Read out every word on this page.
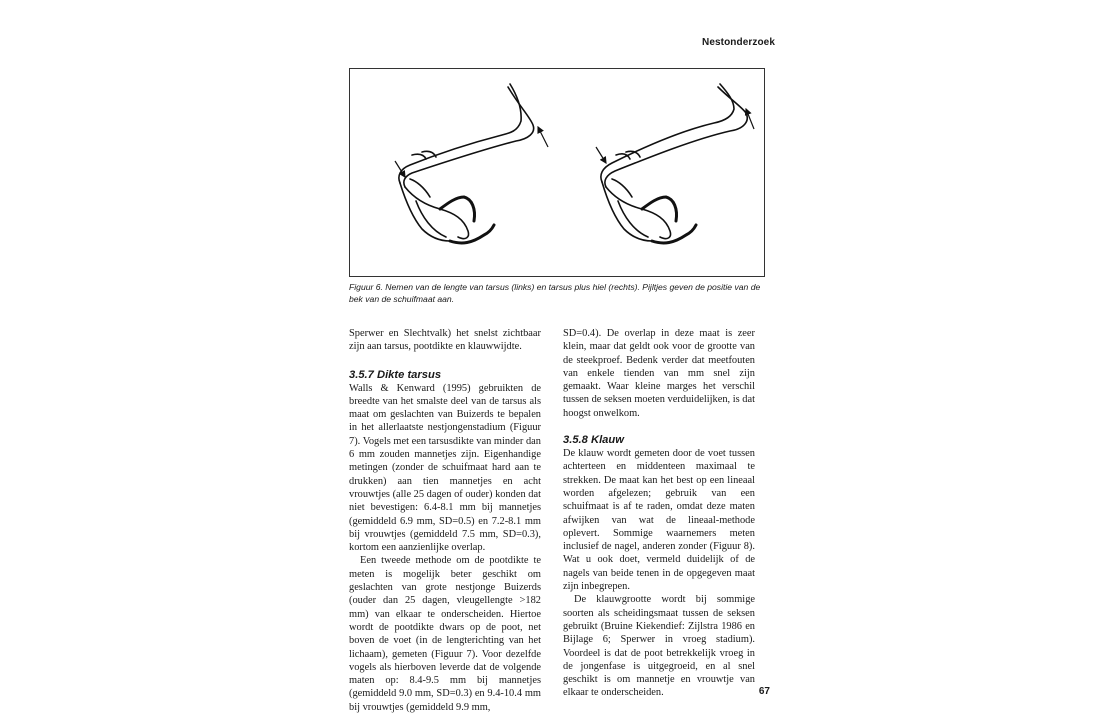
Nestonderzoek
Figuur 6. Nemen van de lengte van tarsus (links) en tarsus plus hiel (rechts). Pijltjes geven de positie van de bek van de schuifmaat aan.

Sperwer en Slechtvalk) het snelst zichtbaar zijn aan tarsus, pootdikte en klauwwijdte.

3.5.7 Dikte tarsus

Walls & Kenward (1995) gebruikten de breedte van het smalste deel van de tarsus als maat om geslachten van Buizerds te bepalen in het allerlaatste nestjongenstadium (Figuur 7). Vogels met een tarsusdikte van minder dan 6 mm zouden mannetjes zijn. Eigenhandige metingen (zonder de schuifmaat hard aan te drukken) aan tien mannetjes en acht vrouwtjes (alle 25 dagen of ouder) konden dat niet bevestigen: 6.4-8.1 mm bij mannetjes (gemiddeld 6.9 mm, SD=0.5) en 7.2-8.1 mm bij vrouwtjes (gemiddeld 7.5 mm, SD=0.3), kortom een aanzienlijke overlap.

Een tweede methode om de pootdikte te meten is mogelijk beter geschikt om geslachten van grote nestjonge Buizerds (ouder dan 25 dagen, vleugellengte >182 mm) van elkaar te onderscheiden. Hiertoe wordt de pootdikte dwars op de poot, net boven de voet (in de lengterichting van het lichaam), gemeten (Figuur 7). Voor dezelfde vogels als hierboven leverde dat de volgende maten op: 8.4-9.5 mm bij mannetjes (gemiddeld 9.0 mm, SD=0.3) en 9.4-10.4 mm bij vrouwtjes (gemiddeld 9.9 mm,

SD=0.4). De overlap in deze maat is zeer klein, maar dat geldt ook voor de grootte van de steekproef. Bedenk verder dat meetfouten van enkele tienden van mm snel zijn gemaakt. Waar kleine marges het verschil tussen de seksen moeten verduidelijken, is dat hoogst onwelkom.

3.5.8 Klauw

De klauw wordt gemeten door de voet tussen achterteen en middenteen maximaal te strekken. De maat kan het best op een lineaal worden afgelezen; gebruik van een schuifmaat is af te raden, omdat deze maten afwijken van wat de lineaal-methode oplevert. Sommige waarnemers meten inclusief de nagel, anderen zonder (Figuur 8). Wat u ook doet, vermeld duidelijk of de nagels van beide tenen in de opgegeven maat zijn inbegrepen.

De klauwgrootte wordt bij sommige soorten als scheidingsmaat tussen de seksen gebruikt (Bruine Kiekendief: Zijlstra 1986 en Bijlage 6; Sperwer in vroeg stadium). Voordeel is dat de poot betrekkelijk vroeg in de jongenfase is uitgegroeid, en al snel geschikt is om mannetje en vrouwtje van elkaar te onderscheiden.	67
